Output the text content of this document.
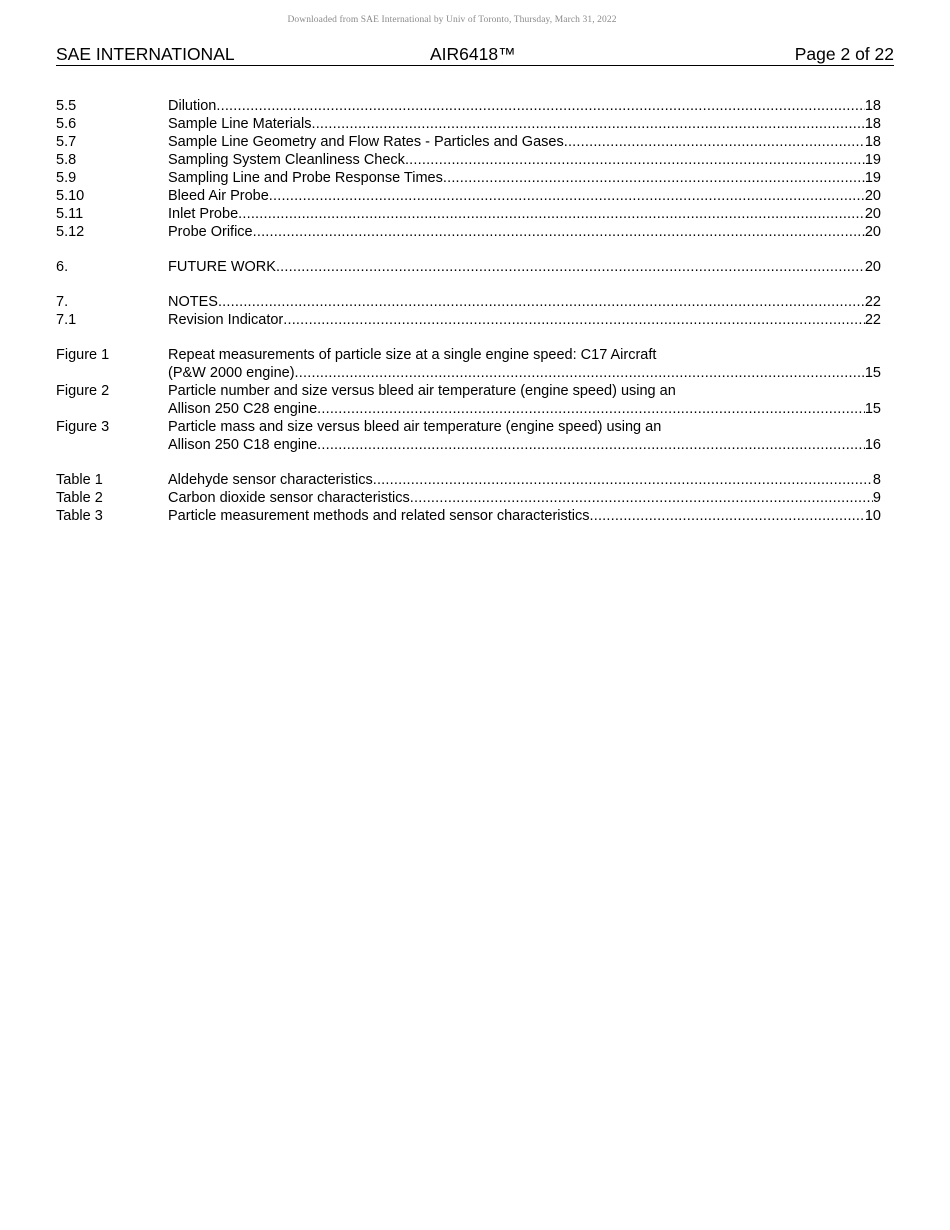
Downloaded from SAE International by Univ of Toronto, Thursday, March 31, 2022
SAE INTERNATIONAL	AIR6418™	Page 2 of 22
5.5	Dilution .....	18
5.6	Sample Line Materials .....	18
5.7	Sample Line Geometry and Flow Rates - Particles and Gases .....	18
5.8	Sampling System Cleanliness Check .....	19
5.9	Sampling Line and Probe Response Times .....	19
5.10	Bleed Air Probe .....	20
5.11	Inlet Probe .....	20
5.12	Probe Orifice .....	20
6.	FUTURE WORK .....	20
7.	NOTES .....	22
7.1	Revision Indicator .....	22
Figure 1	Repeat measurements of particle size at a single engine speed: C17 Aircraft
(P&W 2000 engine) .....	15
Figure 2	Particle number and size versus bleed air temperature (engine speed) using an
Allison 250 C28 engine .....	15
Figure 3	Particle mass and size versus bleed air temperature (engine speed) using an
Allison 250 C18 engine .....	16
Table 1	Aldehyde sensor characteristics .....	8
Table 2	Carbon dioxide sensor characteristics .....	9
Table 3	Particle measurement methods and related sensor characteristics .....	10
